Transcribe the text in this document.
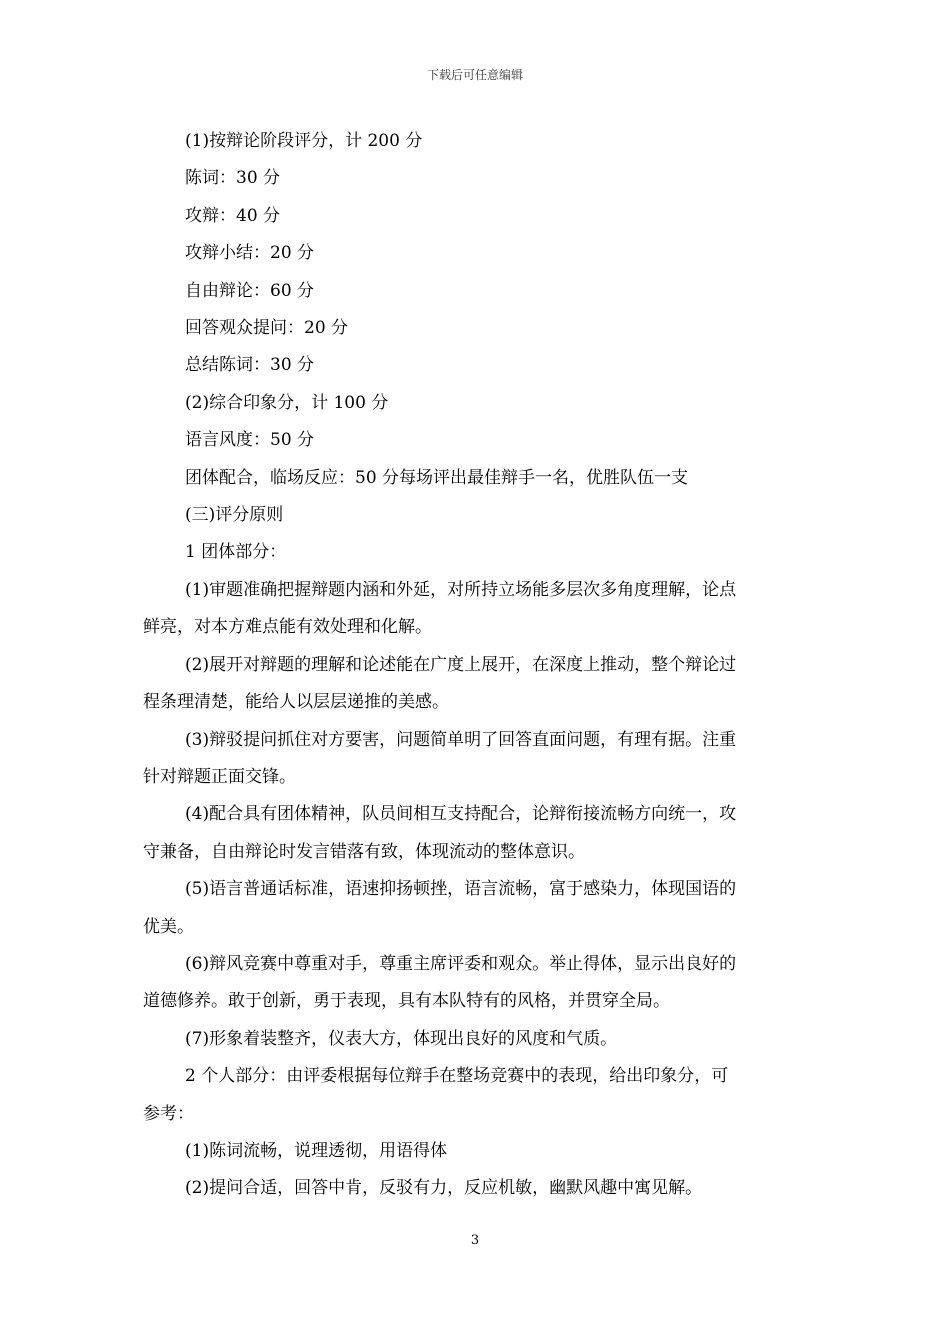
下载后可任意编辑
(1)按辩论阶段评分，计 200 分
陈词：30 分
攻辩：40 分
攻辩小结：20 分
自由辩论：60 分
回答观众提问：20 分
总结陈词：30 分
(2)综合印象分，计 100 分
语言风度：50 分
团体配合，临场反应：50 分每场评出最佳辩手一名，优胜队伍一支
(三)评分原则
1 团体部分：
(1)审题准确把握辩题内涵和外延，对所持立场能多层次多角度理解，论点
鲜亮，对本方难点能有效处理和化解。
(2)展开对辩题的理解和论述能在广度上展开，在深度上推动，整个辩论过
程条理清楚，能给人以层层递推的美感。
(3)辩驳提问抓住对方要害，问题简单明了回答直面问题，有理有据。注重
针对辩题正面交锋。
(4)配合具有团体精神，队员间相互支持配合，论辩衔接流畅方向统一，攻
守兼备，自由辩论时发言错落有致，体现流动的整体意识。
(5)语言普通话标准，语速抑扬顿挫，语言流畅，富于感染力，体现国语的
优美。
(6)辩风竞赛中尊重对手，尊重主席评委和观众。举止得体，显示出良好的
道德修养。敢于创新，勇于表现，具有本队特有的风格，并贯穿全局。
(7)形象着装整齐，仪表大方，体现出良好的风度和气质。
2 个人部分：由评委根据每位辩手在整场竞赛中的表现，给出印象分，可
参考：
(1)陈词流畅，说理透彻，用语得体
(2)提问合适，回答中肯，反驳有力，反应机敏，幽默风趣中寓见解。
3
